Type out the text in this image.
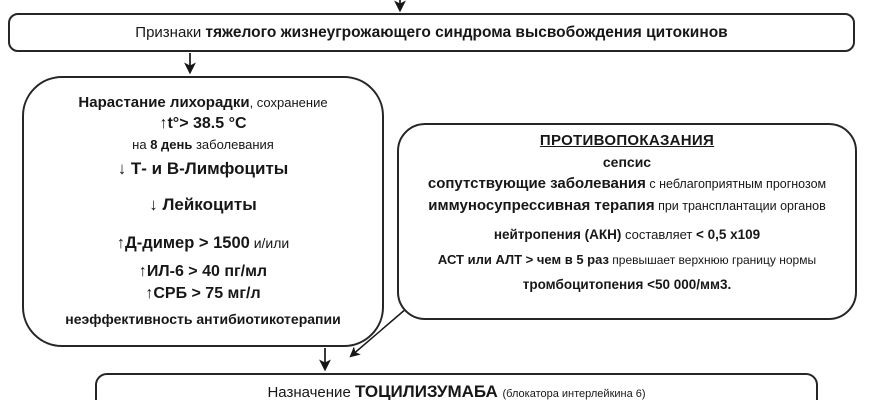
Признаки тяжелого жизнеугрожающего синдрома высвобождения цитокинов
Нарастание лихорадки, сохранение
↑t°> 38.5 °C
на 8 день заболевания
↓ Т- и В-Лимфоциты
↓ Лейкоциты
↑Д-димер > 1500 и/или
↑ИЛ-6 > 40 пг/мл
↑СРБ > 75 мг/л
неэффективность антибиотикотерапии
ПРОТИВОПОКАЗАНИЯ
сепсис
сопутствующие заболевания с неблагоприятным прогнозом
иммуносупрессивная терапия при трансплантации органов
нейтропения (АКН) составляет < 0,5 х109
АСТ или АЛТ > чем в 5 раз превышает верхнюю границу нормы
тромбоцитопения <50 000/мм3.
Назначение ТОЦИЛИЗУМАБА (блокатора интерлейкина 6)
